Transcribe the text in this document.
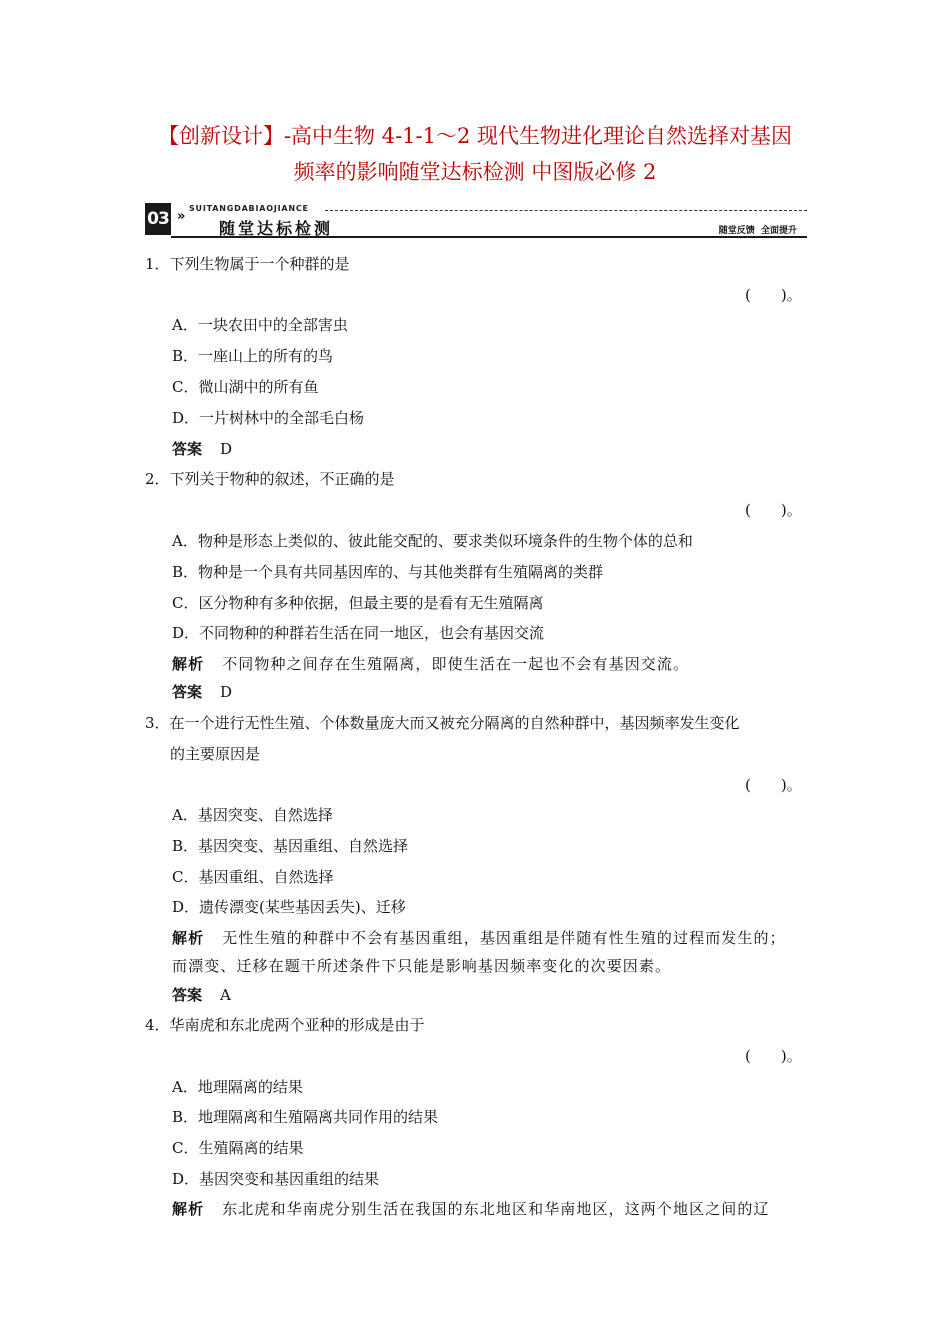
【创新设计】-高中生物 4-1-1～2 现代生物进化理论自然选择对基因
频率的影响随堂达标检测 中图版必修 2
03 »
SUITANGDABIAOJIANCE
随堂达标检测	随堂反馈  全面提升
1．下列生物属于一个种群的是
(　　)。
A．一块农田中的全部害虫
B．一座山上的所有的鸟
C．微山湖中的所有鱼
D．一片树林中的全部毛白杨
答案 D
2．下列关于物种的叙述，不正确的是
(　　)。
A．物种是形态上类似的、彼此能交配的、要求类似环境条件的生物个体的总和
B．物种是一个具有共同基因库的、与其他类群有生殖隔离的类群
C．区分物种有多种依据，但最主要的是看有无生殖隔离
D．不同物种的种群若生活在同一地区，也会有基因交流
解析 不同物种之间存在生殖隔离，即使生活在一起也不会有基因交流。
答案 D
3．在一个进行无性生殖、个体数量庞大而又被充分隔离的自然种群中，基因频率发生变化
的主要原因是
(　　)。
A．基因突变、自然选择
B．基因突变、基因重组、自然选择
C．基因重组、自然选择
D．遗传漂变(某些基因丢失)、迁移
解析 无性生殖的种群中不会有基因重组，基因重组是伴随有性生殖的过程而发生的；
而漂变、迁移在题干所述条件下只能是影响基因频率变化的次要因素。
答案 A
4．华南虎和东北虎两个亚种的形成是由于
(　　)。
A．地理隔离的结果
B．地理隔离和生殖隔离共同作用的结果
C．生殖隔离的结果
D．基因突变和基因重组的结果
解析 东北虎和华南虎分别生活在我国的东北地区和华南地区，这两个地区之间的辽
